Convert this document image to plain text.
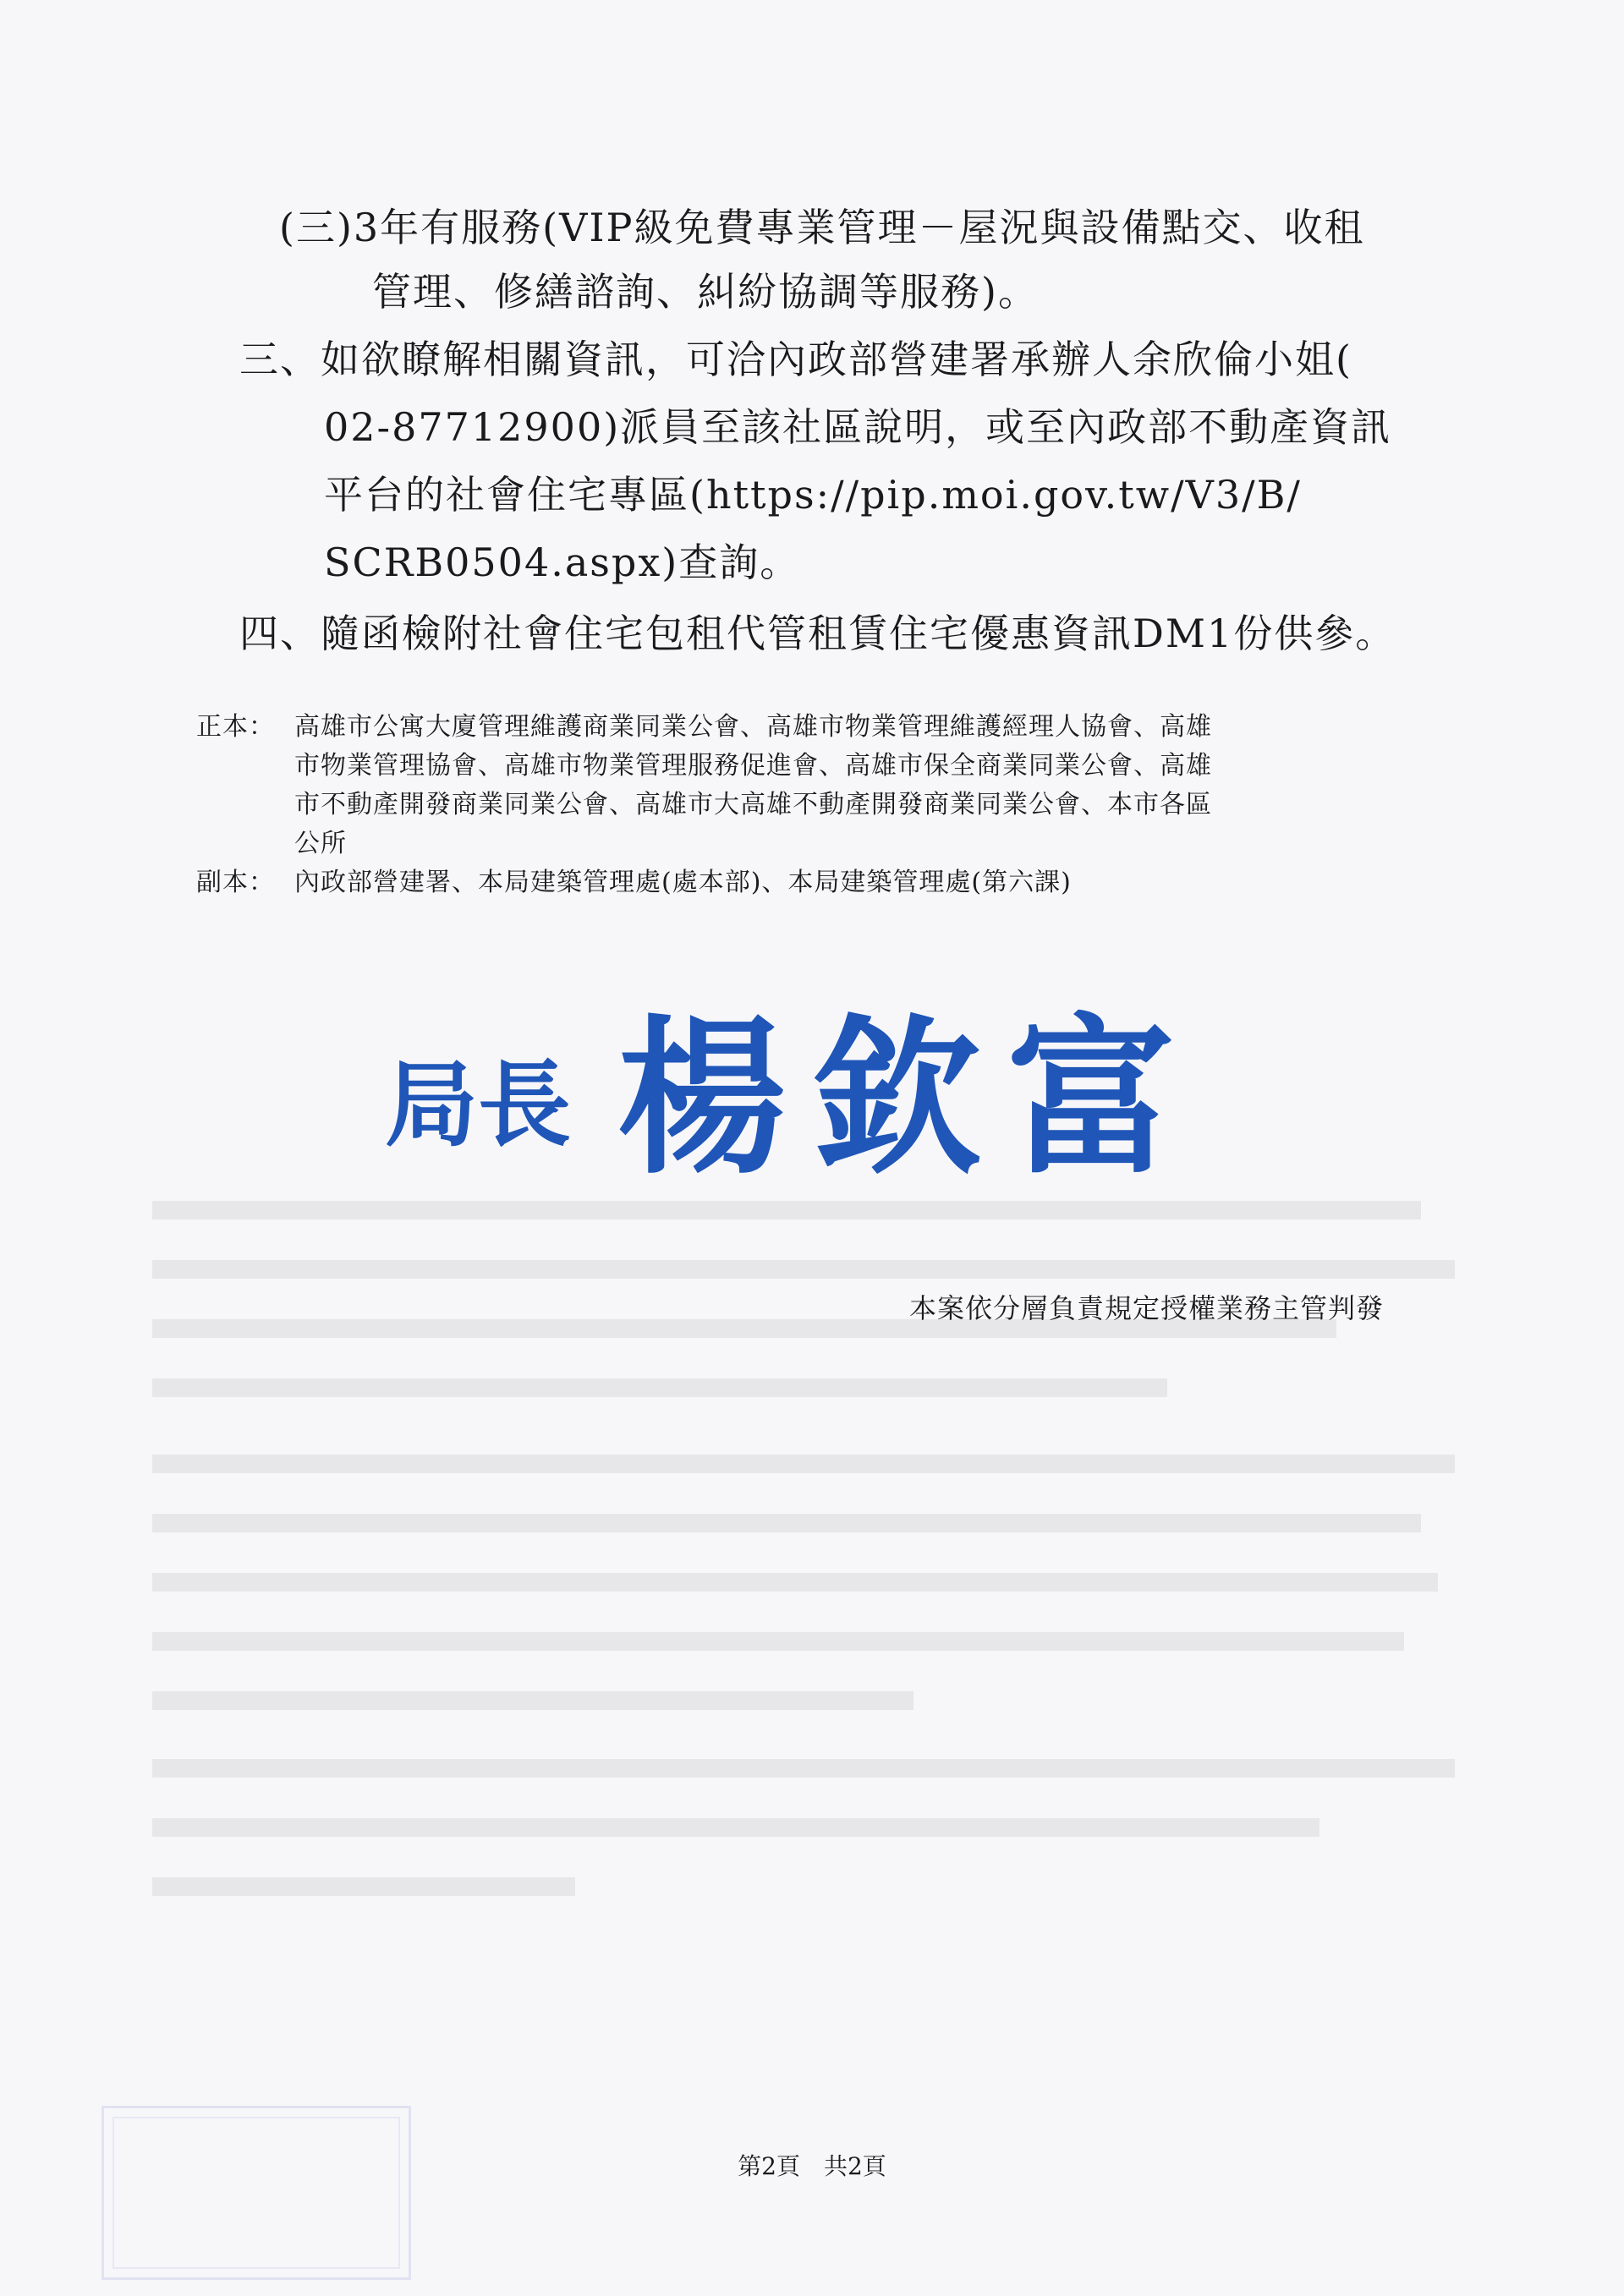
(三)3年有服務(VIP級免費專業管理－屋況與設備點交、收租
管理、修繕諮詢、糾紛協調等服務)。
三、如欲瞭解相關資訊，可洽內政部營建署承辦人余欣倫小姐(
02-87712900)派員至該社區說明，或至內政部不動產資訊
平台的社會住宅專區(https://pip.moi.gov.tw/V3/B/
SCRB0504.aspx)查詢。
四、隨函檢附社會住宅包租代管租賃住宅優惠資訊DM1份供參。
正本： 高雄市公寓大廈管理維護商業同業公會、高雄市物業管理維護經理人協會、高雄
市物業管理協會、高雄市物業管理服務促進會、高雄市保全商業同業公會、高雄
市不動產開發商業同業公會、高雄市大高雄不動產開發商業同業公會、本市各區
公所
副本： 內政部營建署、本局建築管理處(處本部)、本局建築管理處(第六課)
局長 楊欽富
本案依分層負責規定授權業務主管判發
第2頁　共2頁
